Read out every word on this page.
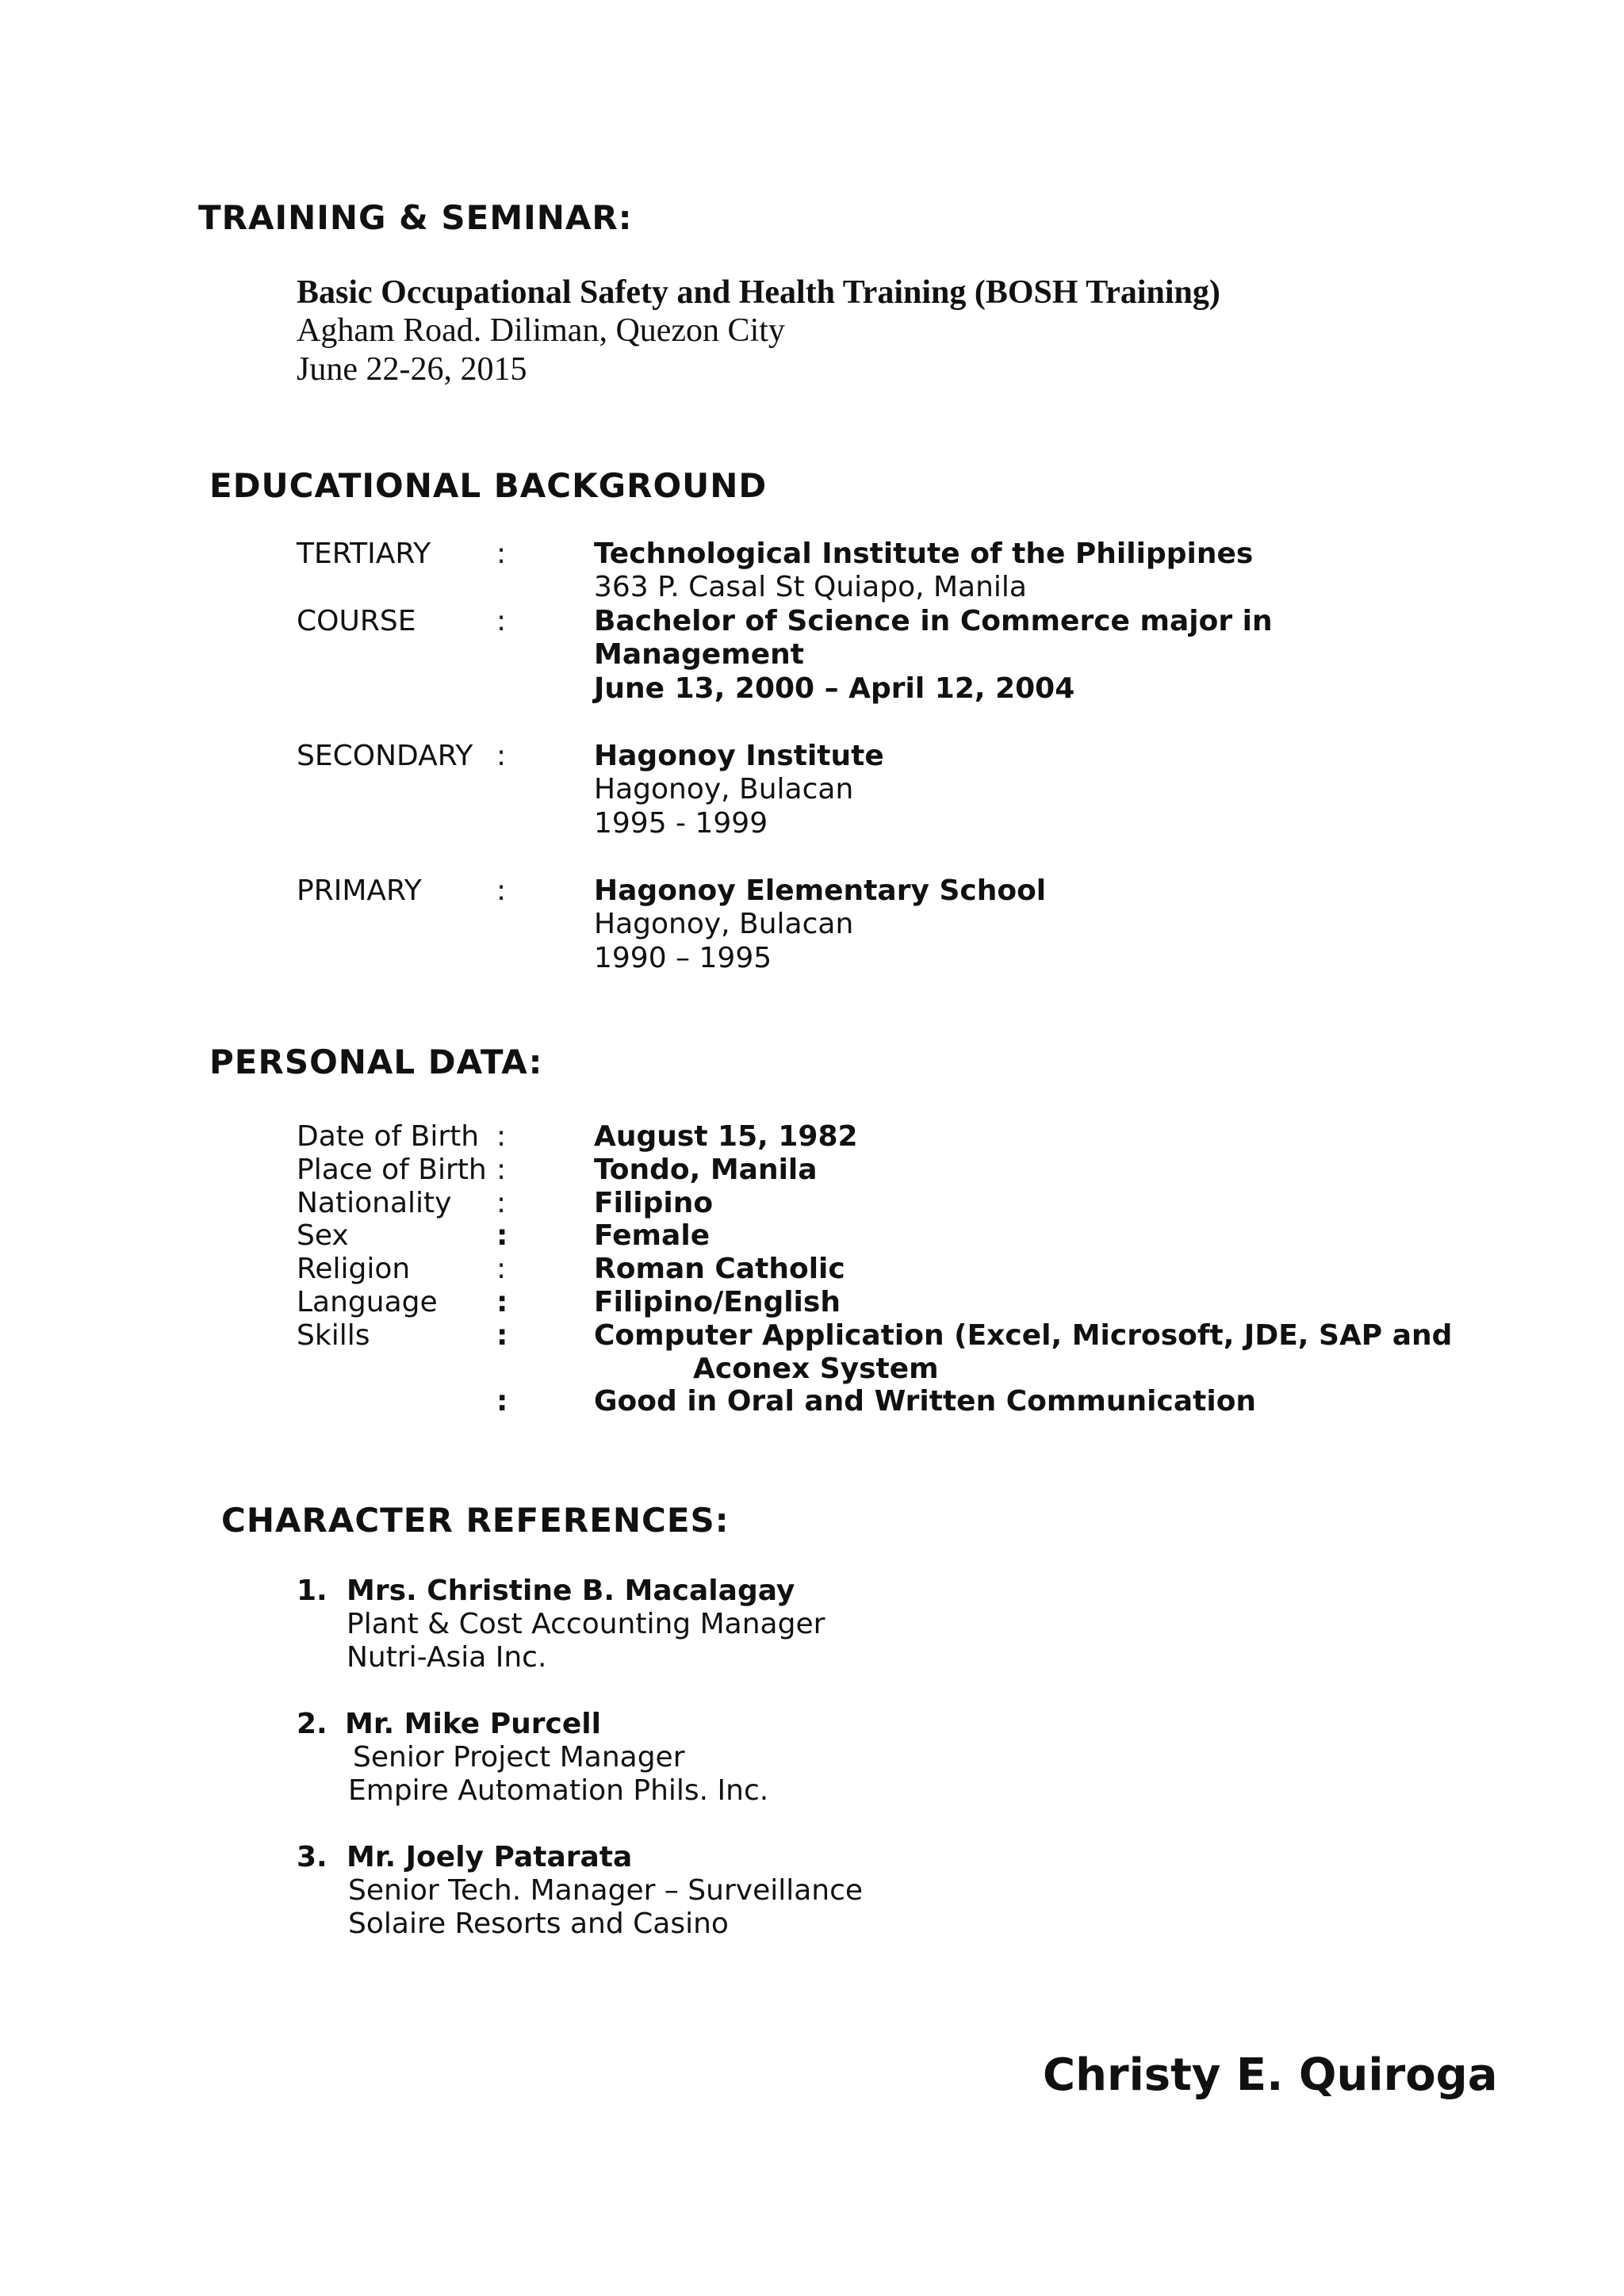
TRAINING & SEMINAR:
Basic Occupational Safety and Health Training (BOSH Training)
Agham Road. Diliman, Quezon City
June 22-26, 2015
EDUCATIONAL BACKGROUND
TERTIARY :	Technological Institute of the Philippines
363 P. Casal St Quiapo, Manila
COURSE	:	Bachelor of Science in Commerce major in
Management
June 13, 2000 – April 12, 2004
SECONDARY :	Hagonoy Institute
Hagonoy, Bulacan
1995 - 1999
PRIMARY	:	Hagonoy Elementary School
Hagonoy, Bulacan
1990 – 1995
PERSONAL DATA:
Date of Birth :	August 15, 1982
Place of Birth :	Tondo, Manila
Nationality :	Filipino
Sex	:	Female
Religion	:	Roman Catholic
Language :	Filipino/English
Skills	:	Computer Application (Excel, Microsoft, JDE, SAP and
Aconex System
:	Good in Oral and Written Communication
CHARACTER REFERENCES:
1. Mrs. Christine B. Macalagay
Plant & Cost Accounting Manager
Nutri-Asia Inc.
2. Mr. Mike Purcell
Senior Project Manager
Empire Automation Phils. Inc.
3. Mr. Joely Patarata
Senior Tech. Manager – Surveillance
Solaire Resorts and Casino
Christy E. Quiroga
